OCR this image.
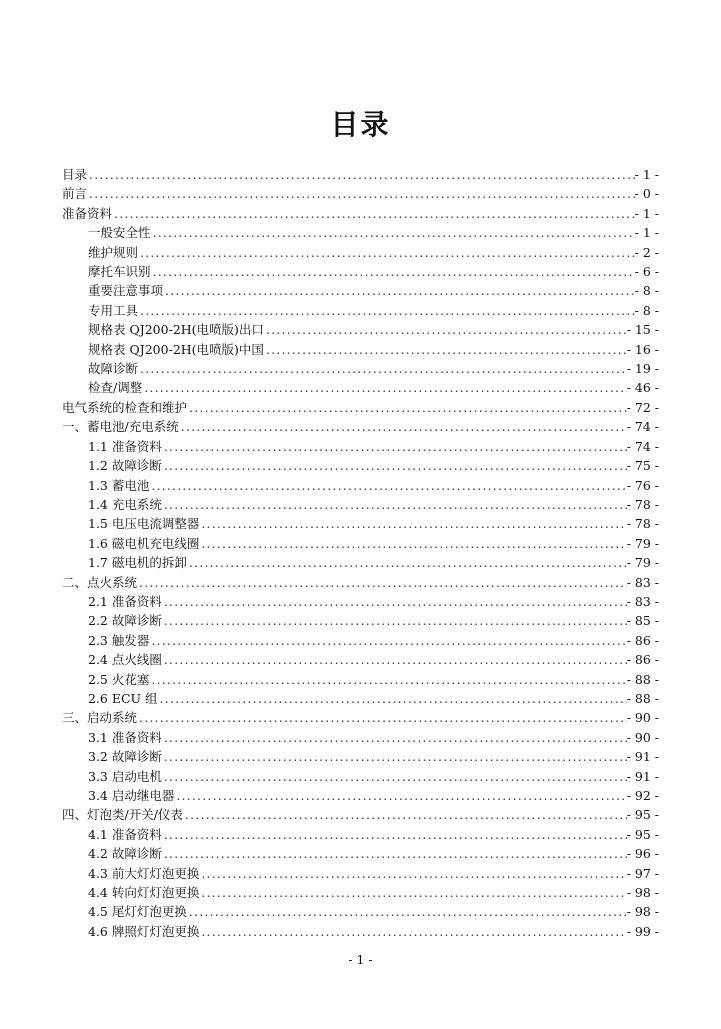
目录
目录 .....	- 1 -
前言 .....	- 0 -
准备资料 .....	- 1 -
一般安全性 .....	- 1 -
维护规则 .....	- 2 -
摩托车识别 .....	- 6 -
重要注意事项 .....	- 8 -
专用工具 .....	- 8 -
规格表 QJ200-2H(电喷版)出口 .....	- 15 -
规格表 QJ200-2H(电喷版)中国 .....	- 16 -
故障诊断 .....	- 19 -
检查/调整 .....	- 46 -
电气系统的检查和维护 .....	- 72 -
一、蓄电池/充电系统 .....	- 74 -
1.1 准备资料 .....	- 74 -
1.2 故障诊断 .....	- 75 -
1.3 蓄电池 .....	- 76 -
1.4 充电系统 .....	- 78 -
1.5 电压电流调整器 .....	- 78 -
1.6 磁电机充电线圈 .....	- 79 -
1.7 磁电机的拆卸 .....	- 79 -
二、点火系统 .....	- 83 -
2.1 准备资料 .....	- 83 -
2.2 故障诊断 .....	- 85 -
2.3 触发器 .....	- 86 -
2.4 点火线圈 .....	- 86 -
2.5 火花塞 .....	- 88 -
2.6 ECU 组 .....	- 88 -
三、启动系统 .....	- 90 -
3.1 准备资料 .....	- 90 -
3.2 故障诊断 .....	- 91 -
3.3 启动电机 .....	- 91 -
3.4 启动继电器 .....	- 92 -
四、灯泡类/开关/仪表 .....	- 95 -
4.1 准备资料 .....	- 95 -
4.2 故障诊断 .....	- 96 -
4.3 前大灯灯泡更换 .....	- 97 -
4.4 转向灯灯泡更换 .....	- 98 -
4.5 尾灯灯泡更换 .....	- 98 -
4.6 牌照灯灯泡更换 .....	- 99 -
- 1 -
